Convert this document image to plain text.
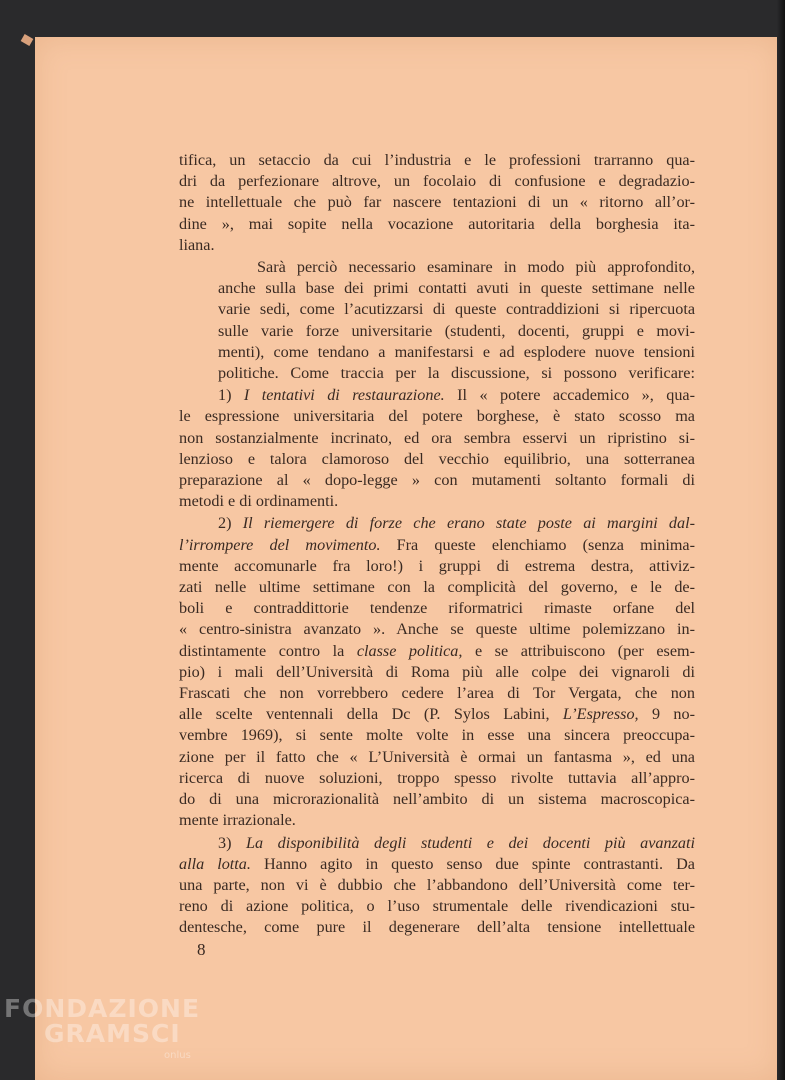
tifica, un setaccio da cui l’industria e le professioni trarranno qua-
dri da perfezionare altrove, un focolaio di confusione e degradazio-
ne intellettuale che può far nascere tentazioni di un « ritorno all’or-
dine », mai sopite nella vocazione autoritaria della borghesia ita-
liana.

Sarà perciò necessario esaminare in modo più approfondito,
anche sulla base dei primi contatti avuti in queste settimane nelle
varie sedi, come l’acutizzarsi di queste contraddizioni si ripercuota
sulle varie forze universitarie (studenti, docenti, gruppi e movi-
menti), come tendano a manifestarsi e ad esplodere nuove tensioni
politiche. Come traccia per la discussione, si possono verificare:

1) I tentativi di restaurazione. Il « potere accademico », qua-
le espressione universitaria del potere borghese, è stato scosso ma
non sostanzialmente incrinato, ed ora sembra esservi un ripristino si-
lenzioso e talora clamoroso del vecchio equilibrio, una sotterranea
preparazione al « dopo-legge » con mutamenti soltanto formali di
metodi e di ordinamenti.

2) Il riemergere di forze che erano state poste ai margini dal-
l’irrompere del movimento. Fra queste elenchiamo (senza minima-
mente accomunarle fra loro!) i gruppi di estrema destra, attiviz-
zati nelle ultime settimane con la complicità del governo, e le de-
boli e contraddittorie tendenze riformatrici rimaste orfane del
« centro-sinistra avanzato ». Anche se queste ultime polemizzano in-
distintamente contro la classe politica, e se attribuiscono (per esem-
pio) i mali dell’Università di Roma più alle colpe dei vignaroli di
Frascati che non vorrebbero cedere l’area di Tor Vergata, che non
alle scelte ventennali della Dc (P. Sylos Labini, L’Espresso, 9 no-
vembre 1969), si sente molte volte in esse una sincera preoccupa-
zione per il fatto che « L’Università è ormai un fantasma », ed una
ricerca di nuove soluzioni, troppo spesso rivolte tuttavia all’appro-
do di una microrazionalità nell’ambito di un sistema macroscopica-
mente irrazionale.

3) La disponibilità degli studenti e dei docenti più avanzati
alla lotta. Hanno agito in questo senso due spinte contrastanti. Da
una parte, non vi è dubbio che l’abbandono dell’Università come ter-
reno di azione politica, o l’uso strumentale delle rivendicazioni stu-
dentesche, come pure il degenerare dell’alta tensione intellettuale

8
FONDAZIONE
GRAMSCI
onlus
